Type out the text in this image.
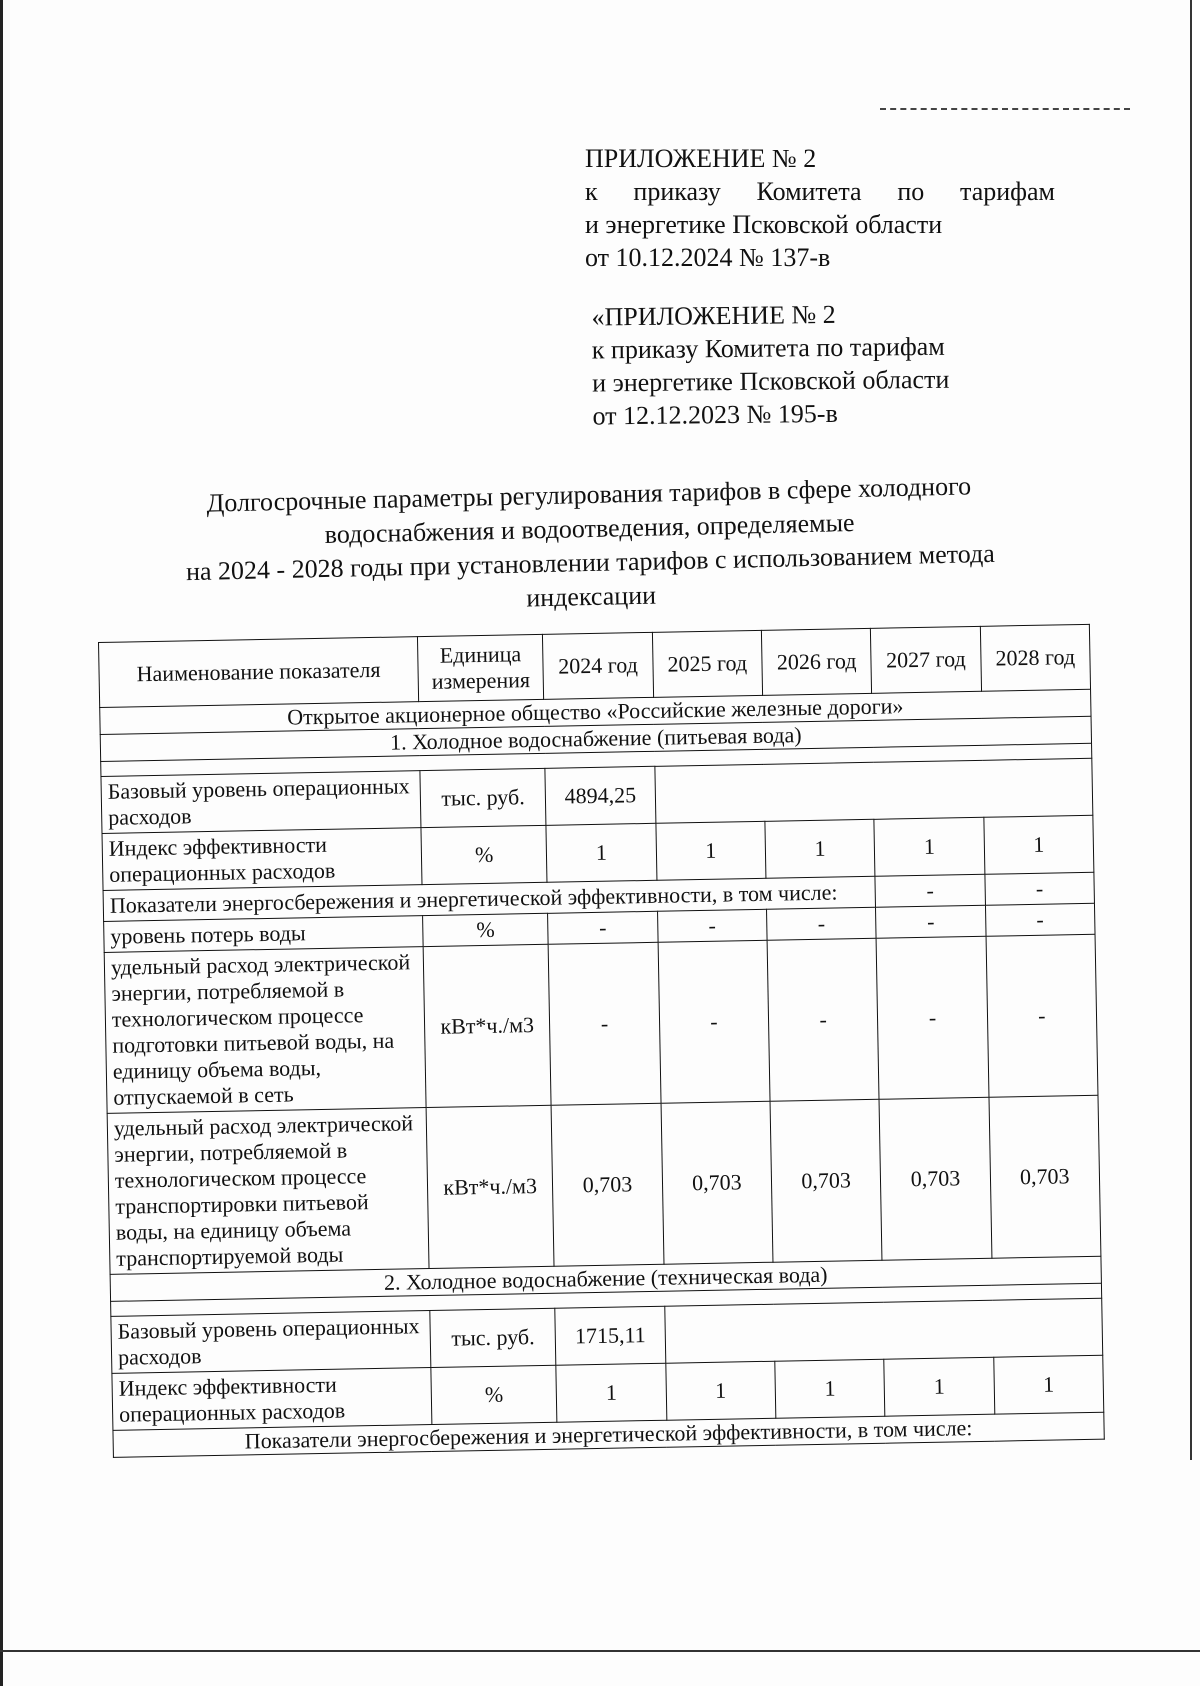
ПРИЛОЖЕНИЕ № 2
к приказу Комитета по тарифам
и энергетике Псковской области
от 10.12.2024 № 137-в
«ПРИЛОЖЕНИЕ № 2
к приказу Комитета по тарифам
и энергетике Псковской области
от 12.12.2023 № 195-в
Долгосрочные параметры регулирования тарифов в сфере холодного
водоснабжения и водоотведения, определяемые
на 2024 - 2028 годы при установлении тарифов с использованием метода
индексации
Наименование показателя	Единица измерения	2024 год	2025 год	2026 год	2027 год	2028 год
Открытое акционерное общество «Российские железные дороги»						
1. Холодное водоснабжение (питьевая вода)						

Базовый уровень операционных расходов	тыс. руб.	4894,25				
Индекс эффективности операционных расходов	%	1	1	1	1	1
Показатели энергосбережения и энергетической эффективности, в том числе:					-	-
уровень потерь воды	%	-	-	-	-	-
удельный расход электрической энергии, потребляемой в технологическом процессе подготовки питьевой воды, на единицу объема воды, отпускаемой в сеть	кВт*ч./м3	-	-	-	-	-
удельный расход электрической энергии, потребляемой в технологическом процессе транспортировки питьевой воды, на единицу объема транспортируемой воды	кВт*ч./м3	0,703	0,703	0,703	0,703	0,703
2. Холодное водоснабжение (техническая вода)						

Базовый уровень операционных расходов	тыс. руб.	1715,11				
Индекс эффективности операционных расходов	%	1	1	1	1	1
Показатели энергосбережения и энергетической эффективности, в том числе:						
